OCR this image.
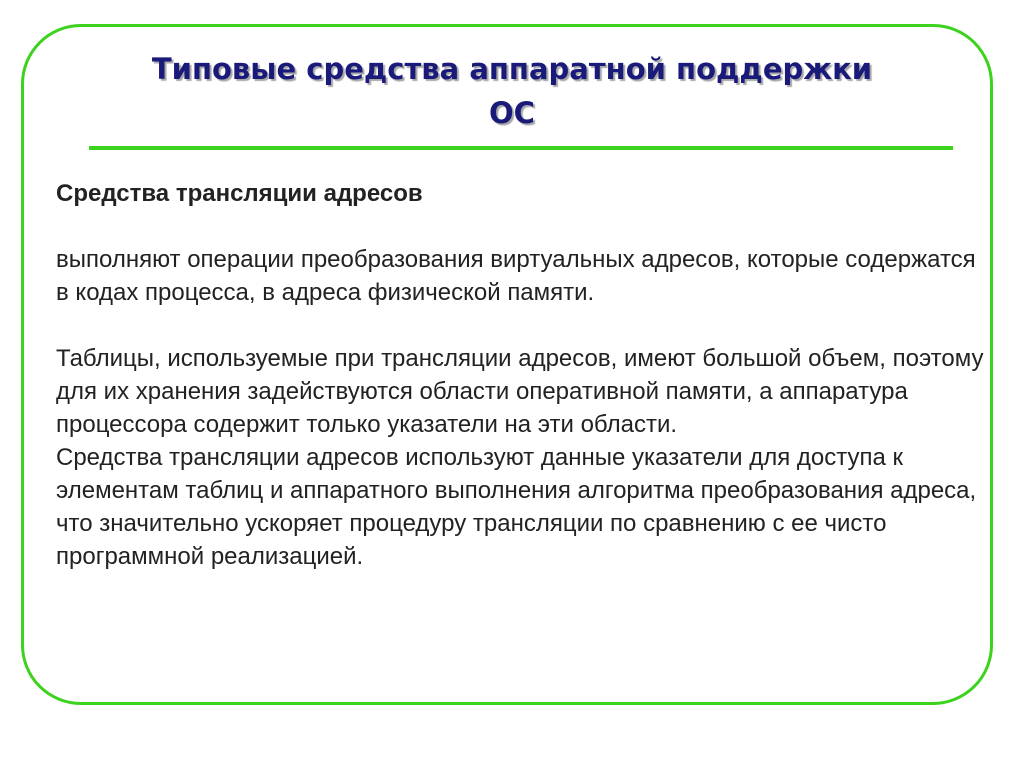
Типовые средства аппаратной поддержки
ОС

Средства трансляции адресов

выполняют операции преобразования виртуальных адресов, которые содержатся в кодах процесса, в адреса физической памяти.

Таблицы, используемые при трансляции адресов, имеют большой объем, поэтому для их хранения задействуются области оперативной памяти, а аппаратура процессора содержит только указатели на эти области.

Средства трансляции адресов используют данные указатели для доступа к элементам таблиц и аппаратного выполнения алгоритма преобразования адреса, что значительно ускоряет процедуру трансляции по сравнению с ее чисто программной реализацией.
